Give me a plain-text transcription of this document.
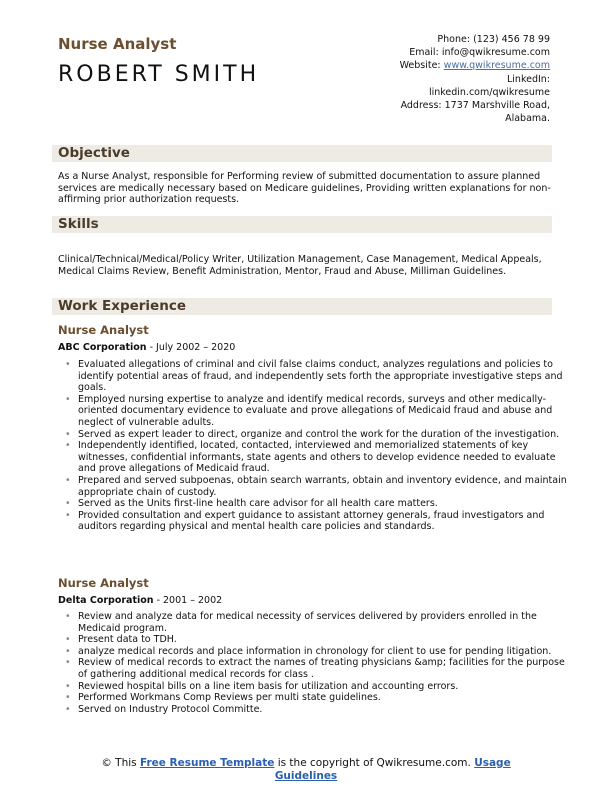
Nurse Analyst
ROBERT SMITH
Phone: (123) 456 78 99
Email: info@qwikresume.com
Website: www.qwikresume.com
LinkedIn:
linkedin.com/qwikresume
Address: 1737 Marshville Road,
Alabama.
Objective
As a Nurse Analyst, responsible for Performing review of submitted documentation to assure planned services are medically necessary based on Medicare guidelines, Providing written explanations for non-affirming prior authorization requests.
Skills
Clinical/Technical/Medical/Policy Writer, Utilization Management, Case Management, Medical Appeals, Medical Claims Review, Benefit Administration, Mentor, Fraud and Abuse, Milliman Guidelines.
Work Experience
Nurse Analyst
ABC Corporation - July 2002 – 2020
• Evaluated allegations of criminal and civil false claims conduct, analyzes regulations and policies to identify potential areas of fraud, and independently sets forth the appropriate investigative steps and goals.
• Employed nursing expertise to analyze and identify medical records, surveys and other medically-oriented documentary evidence to evaluate and prove allegations of Medicaid fraud and abuse and neglect of vulnerable adults.
• Served as expert leader to direct, organize and control the work for the duration of the investigation.
• Independently identified, located, contacted, interviewed and memorialized statements of key witnesses, confidential informants, state agents and others to develop evidence needed to evaluate and prove allegations of Medicaid fraud.
• Prepared and served subpoenas, obtain search warrants, obtain and inventory evidence, and maintain appropriate chain of custody.
• Served as the Units first-line health care advisor for all health care matters.
• Provided consultation and expert guidance to assistant attorney generals, fraud investigators and auditors regarding physical and mental health care policies and standards.
Nurse Analyst
Delta Corporation - 2001 – 2002
• Review and analyze data for medical necessity of services delivered by providers enrolled in the Medicaid program.
• Present data to TDH.
• analyze medical records and place information in chronology for client to use for pending litigation.
• Review of medical records to extract the names of treating physicians &amp; facilities for the purpose of gathering additional medical records for class .
• Reviewed hospital bills on a line item basis for utilization and accounting errors.
• Performed Workmans Comp Reviews per multi state guidelines.
• Served on Industry Protocol Committe.
© This Free Resume Template is the copyright of Qwikresume.com. Usage
Guidelines
